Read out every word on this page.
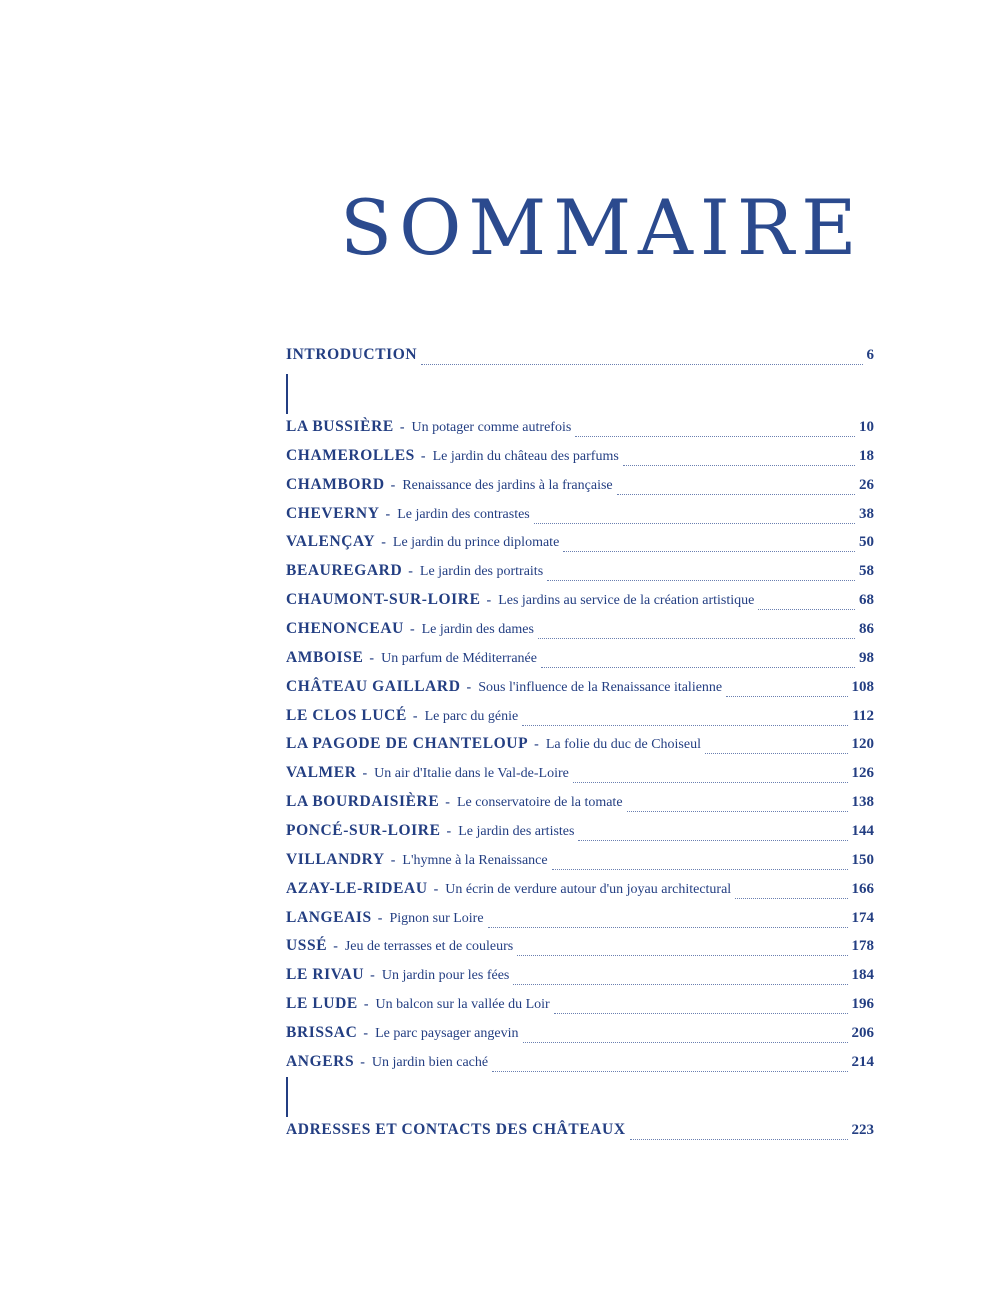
SOMMAIRE
INTRODUCTION	6
LA BUSSIÈRE - Un potager comme autrefois	10
CHAMEROLLES - Le jardin du château des parfums	18
CHAMBORD - Renaissance des jardins à la française	26
CHEVERNY - Le jardin des contrastes	38
VALENÇAY - Le jardin du prince diplomate	50
BEAUREGARD - Le jardin des portraits	58
CHAUMONT-SUR-LOIRE - Les jardins au service de la création artistique	68
CHENONCEAU - Le jardin des dames	86
AMBOISE - Un parfum de Méditerranée	98
CHÂTEAU GAILLARD - Sous l'influence de la Renaissance italienne	108
LE CLOS LUCÉ - Le parc du génie	112
LA PAGODE DE CHANTELOUP - La folie du duc de Choiseul	120
VALMER - Un air d'Italie dans le Val-de-Loire	126
LA BOURDAISIÈRE - Le conservatoire de la tomate	138
PONCÉ-SUR-LOIRE - Le jardin des artistes	144
VILLANDRY - L'hymne à la Renaissance	150
AZAY-LE-RIDEAU - Un écrin de verdure autour d'un joyau architectural	166
LANGEAIS - Pignon sur Loire	174
USSÉ - Jeu de terrasses et de couleurs	178
LE RIVAU - Un jardin pour les fées	184
LE LUDE - Un balcon sur la vallée du Loir	196
BRISSAC - Le parc paysager angevin	206
ANGERS - Un jardin bien caché	214
ADRESSES ET CONTACTS DES CHÂTEAUX	223
